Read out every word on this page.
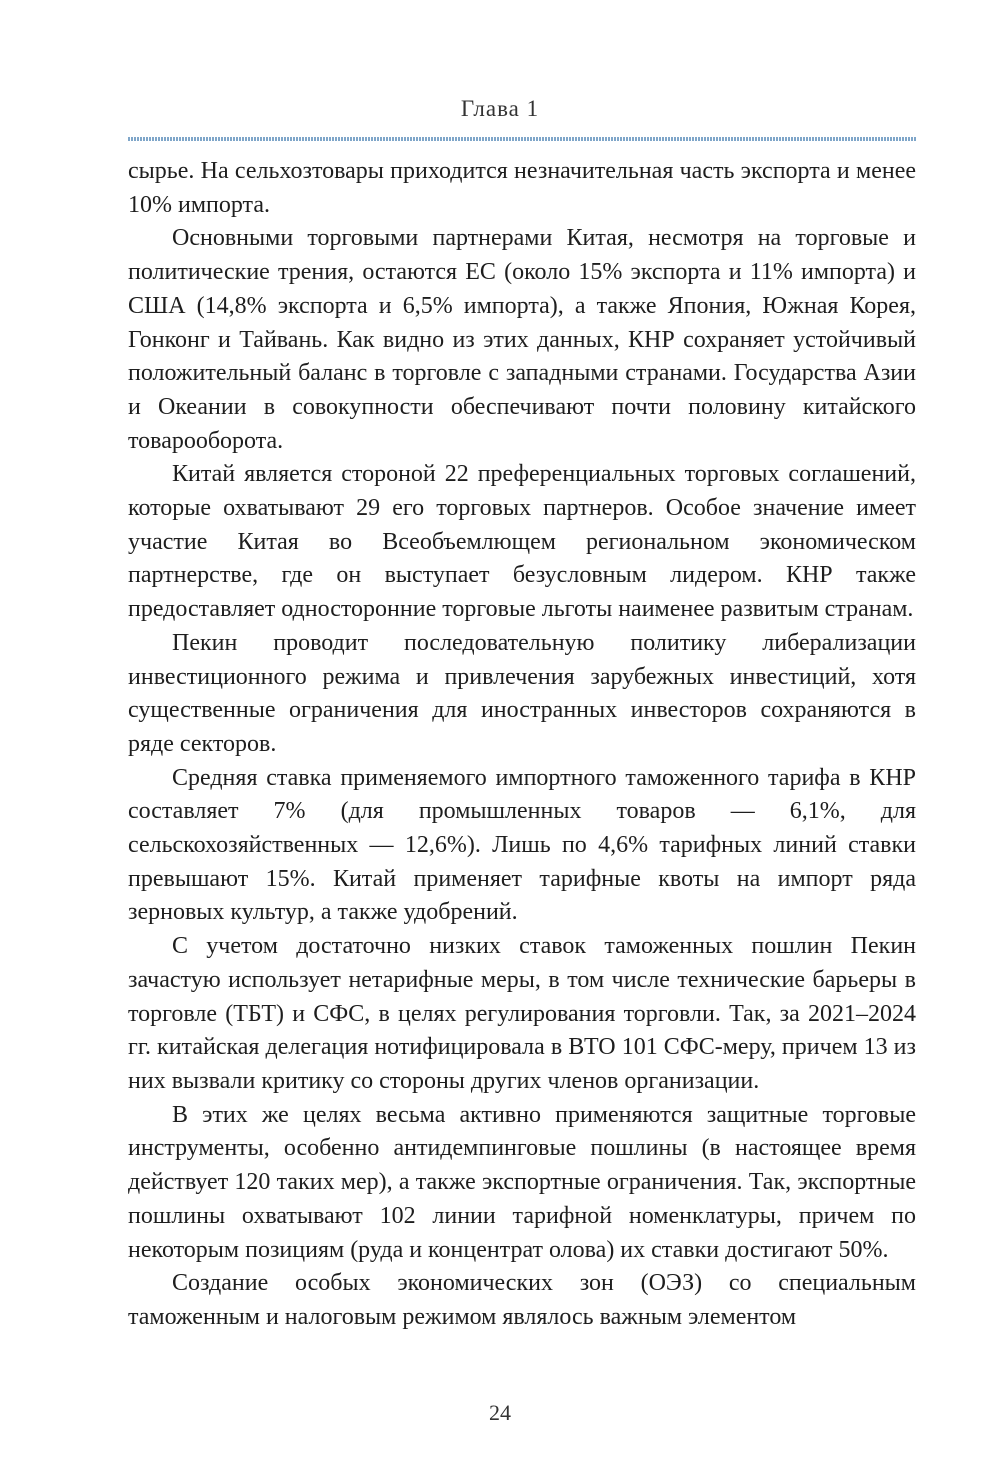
Глава 1

сырье. На сельхозтовары приходится незначительная часть экспорта и менее 10% импорта.

Основными торговыми партнерами Китая, несмотря на торговые и политические трения, остаются ЕС (около 15% экспорта и 11% импорта) и США (14,8% экспорта и 6,5% импорта), а также Япония, Южная Корея, Гонконг и Тайвань. Как видно из этих данных, КНР сохраняет устойчивый положительный баланс в торговле с западными странами. Государства Азии и Океании в совокупности обеспечивают почти половину китайского товарооборота.

Китай является стороной 22 преференциальных торговых соглашений, которые охватывают 29 его торговых партнеров. Особое значение имеет участие Китая во Всеобъемлющем региональном экономическом партнерстве, где он выступает безусловным лидером. КНР также предоставляет односторонние торговые льготы наименее развитым странам.

Пекин проводит последовательную политику либерализации инвестиционного режима и привлечения зарубежных инвестиций, хотя существенные ограничения для иностранных инвесторов сохраняются в ряде секторов.

Средняя ставка применяемого импортного таможенного тарифа в КНР составляет 7% (для промышленных товаров — 6,1%, для сельскохозяйственных — 12,6%). Лишь по 4,6% тарифных линий ставки превышают 15%. Китай применяет тарифные квоты на импорт ряда зерновых культур, а также удобрений.

С учетом достаточно низких ставок таможенных пошлин Пекин зачастую использует нетарифные меры, в том числе технические барьеры в торговле (ТБТ) и СФС, в целях регулирования торговли. Так, за 2021–2024 гг. китайская делегация нотифицировала в ВТО 101 СФС-меру, причем 13 из них вызвали критику со стороны других членов организации.

В этих же целях весьма активно применяются защитные торговые инструменты, особенно антидемпинговые пошлины (в настоящее время действует 120 таких мер), а также экспортные ограничения. Так, экспортные пошлины охватывают 102 линии тарифной номенклатуры, причем по некоторым позициям (руда и концентрат олова) их ставки достигают 50%.

Создание особых экономических зон (ОЭЗ) со специальным таможенным и налоговым режимом являлось важным элементом

24
